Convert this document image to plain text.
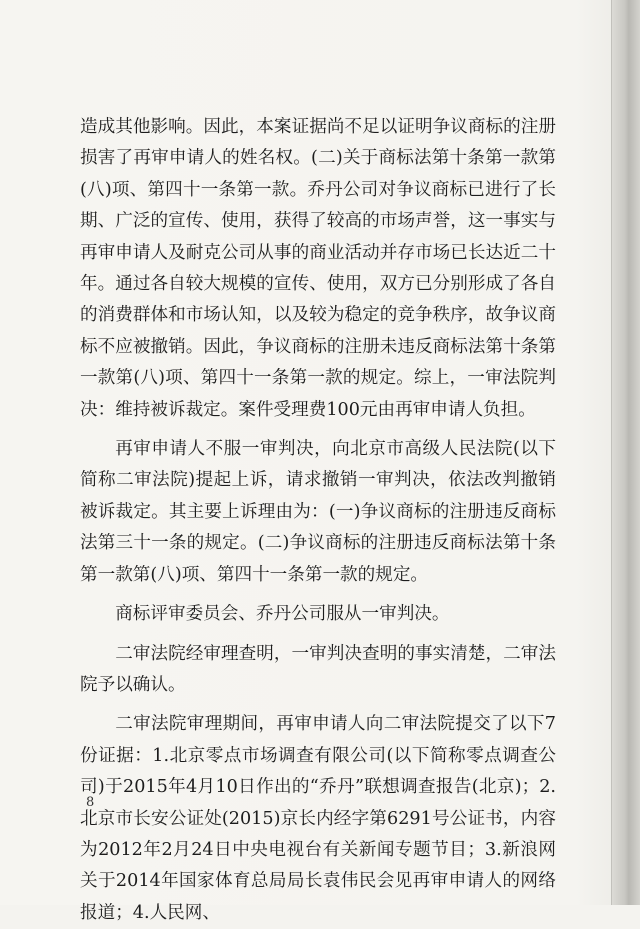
造成其他影响。因此，本案证据尚不足以证明争议商标的注册损害了再审申请人的姓名权。(二)关于商标法第十条第一款第(八)项、第四十一条第一款。乔丹公司对争议商标已进行了长期、广泛的宣传、使用，获得了较高的市场声誉，这一事实与再审申请人及耐克公司从事的商业活动并存市场已长达近二十年。通过各自较大规模的宣传、使用，双方已分别形成了各自的消费群体和市场认知，以及较为稳定的竞争秩序，故争议商标不应被撤销。因此，争议商标的注册未违反商标法第十条第一款第(八)项、第四十一条第一款的规定。综上，一审法院判决：维持被诉裁定。案件受理费100元由再审申请人负担。

再审申请人不服一审判决，向北京市高级人民法院(以下简称二审法院)提起上诉，请求撤销一审判决，依法改判撤销被诉裁定。其主要上诉理由为：(一)争议商标的注册违反商标法第三十一条的规定。(二)争议商标的注册违反商标法第十条第一款第(八)项、第四十一条第一款的规定。

商标评审委员会、乔丹公司服从一审判决。

二审法院经审理查明，一审判决查明的事实清楚，二审法院予以确认。

二审法院审理期间，再审申请人向二审法院提交了以下7份证据：1.北京零点市场调查有限公司(以下简称零点调查公司)于2015年4月10日作出的“乔丹”联想调查报告(北京)；2.北京市长安公证处(2015)京长内经字第6291号公证书，内容为2012年2月24日中央电视台有关新闻专题节目；3.新浪网关于2014年国家体育总局局长袁伟民会见再审申请人的网络报道；4.人民网、

8
